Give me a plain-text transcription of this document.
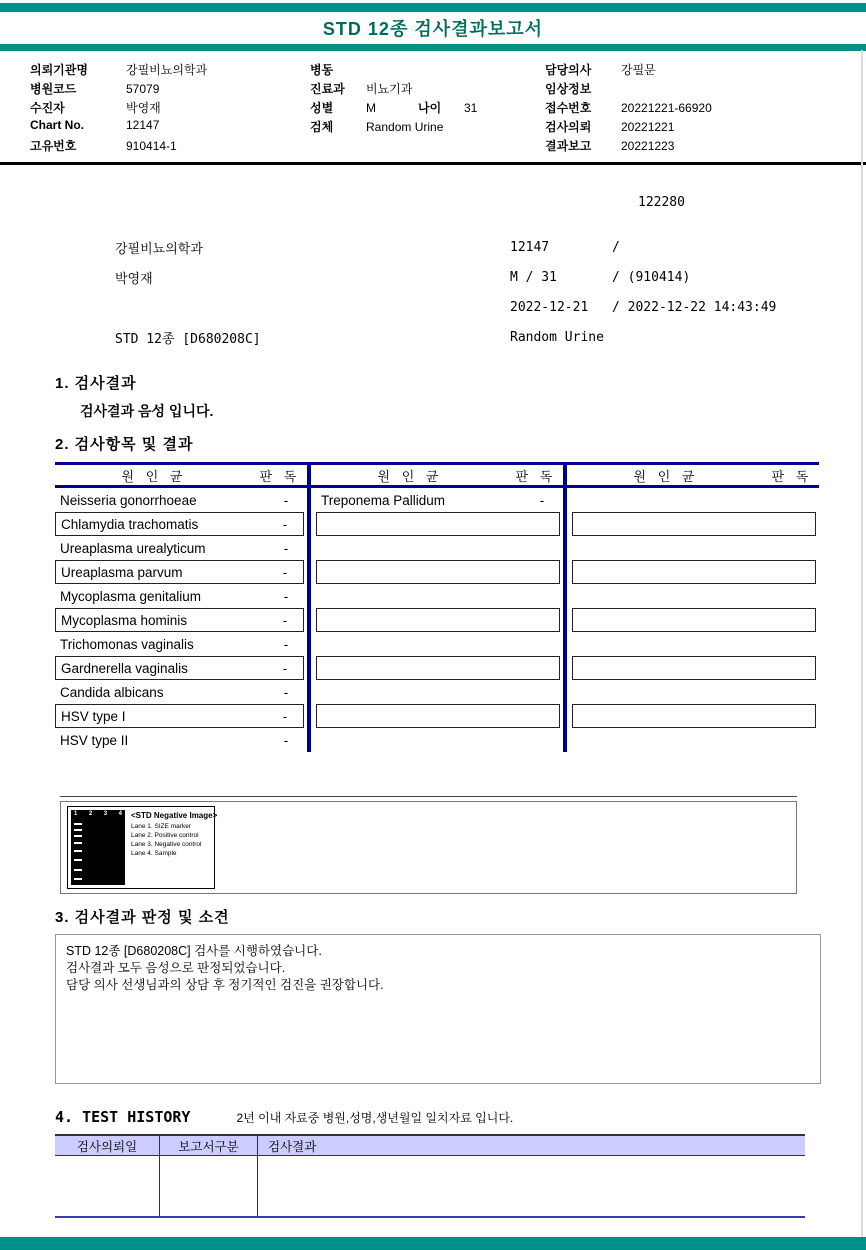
STD 12종 검사결과보고서
의뢰기관명	강필비뇨의학과
병원코드	57079
수진자	박영재
Chart No.	12147
고유번호	910414-1
병동
진료과	비뇨기과
성별	M	나이	31
검체	Random Urine
담당의사	강필문
임상정보
접수번호	20221221-66920
검사의뢰	20221221
결과보고	20221223
122280
강필비뇨의학과	12147	/
박영재	M / 31	/ (910414)
2022-12-21	/ 2022-12-22 14:43:49
STD 12종 [D680208C]	Random Urine
1. 검사결과
검사결과 음성 입니다.
2. 검사항목 및 결과
원 인 균	판 독
Neisseria gonorrhoeae	-
Chlamydia trachomatis	-
Ureaplasma urealyticum	-
Ureaplasma parvum	-
Mycoplasma genitalium	-
Mycoplasma hominis	-
Trichomonas vaginalis	-
Gardnerella vaginalis	-
Candida albicans	-
HSV type I	-
HSV type II	-
원 인 균	판 독
Treponema Pallidum	-
원 인 균	판 독
1 2 3 4 <STD Negative Image>
Lane 1. SIZE marker
Lane 2. Positive control
Lane 3. Negative control
Lane 4. Sample
3. 검사결과 판정 및 소견
STD 12종 [D680208C] 검사를 시행하였습니다.
검사결과 모두 음성으로 판정되었습니다.
담당 의사 선생님과의 상담 후 정기적인 검진을 권장합니다.
4. TEST HISTORY	2년 이내 자료중 병원,성명,생년월일 일치자료 입니다.
검사의뢰일	보고서구분	검사결과
